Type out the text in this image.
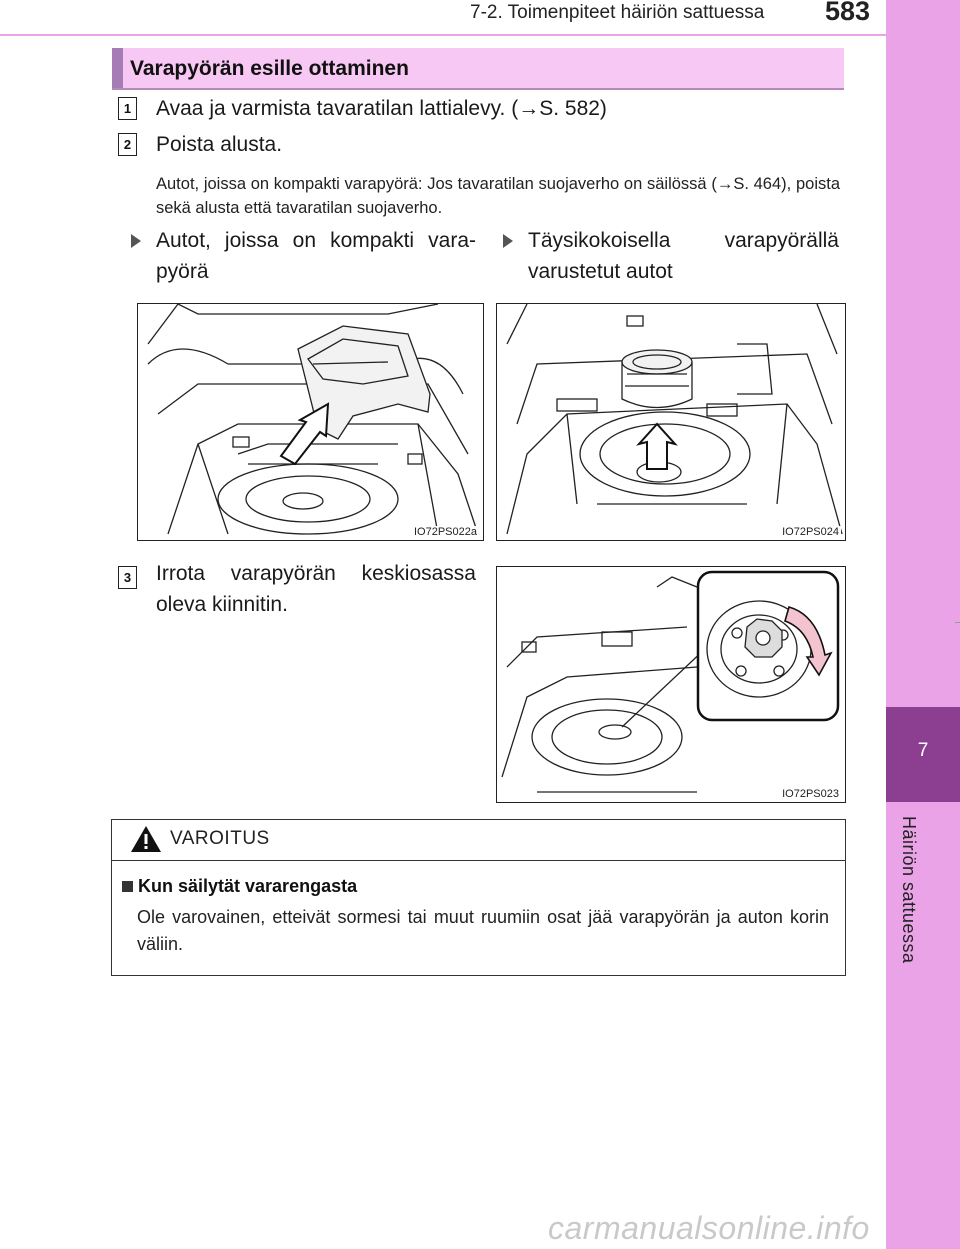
7-2. Toimenpiteet häiriön sattuessa 583
7
Häiriön sattuessa
Varapyörän esille ottaminen
1 Avaa ja varmista tavaratilan lattialevy. (→S. 582)
2 Poista alusta.
Autot, joissa on kompakti varapyörä: Jos tavaratilan suojaverho on säilössä (→S. 464), poista sekä alusta että tavaratilan suojaverho.
Autot, joissa on kompakti vara-
pyörä
Täysikokoisella varapyörällä
varustetut autot
IO72PS022a	IO72PS024
3 Irrota varapyörän keskiosassa
oleva kiinnitin.
IO72PS023
VAROITUS
Kun säilytät vararengasta
Ole varovainen, etteivät sormesi tai muut ruumiin osat jää varapyörän ja auton korin väliin.
carmanualsonline.info
